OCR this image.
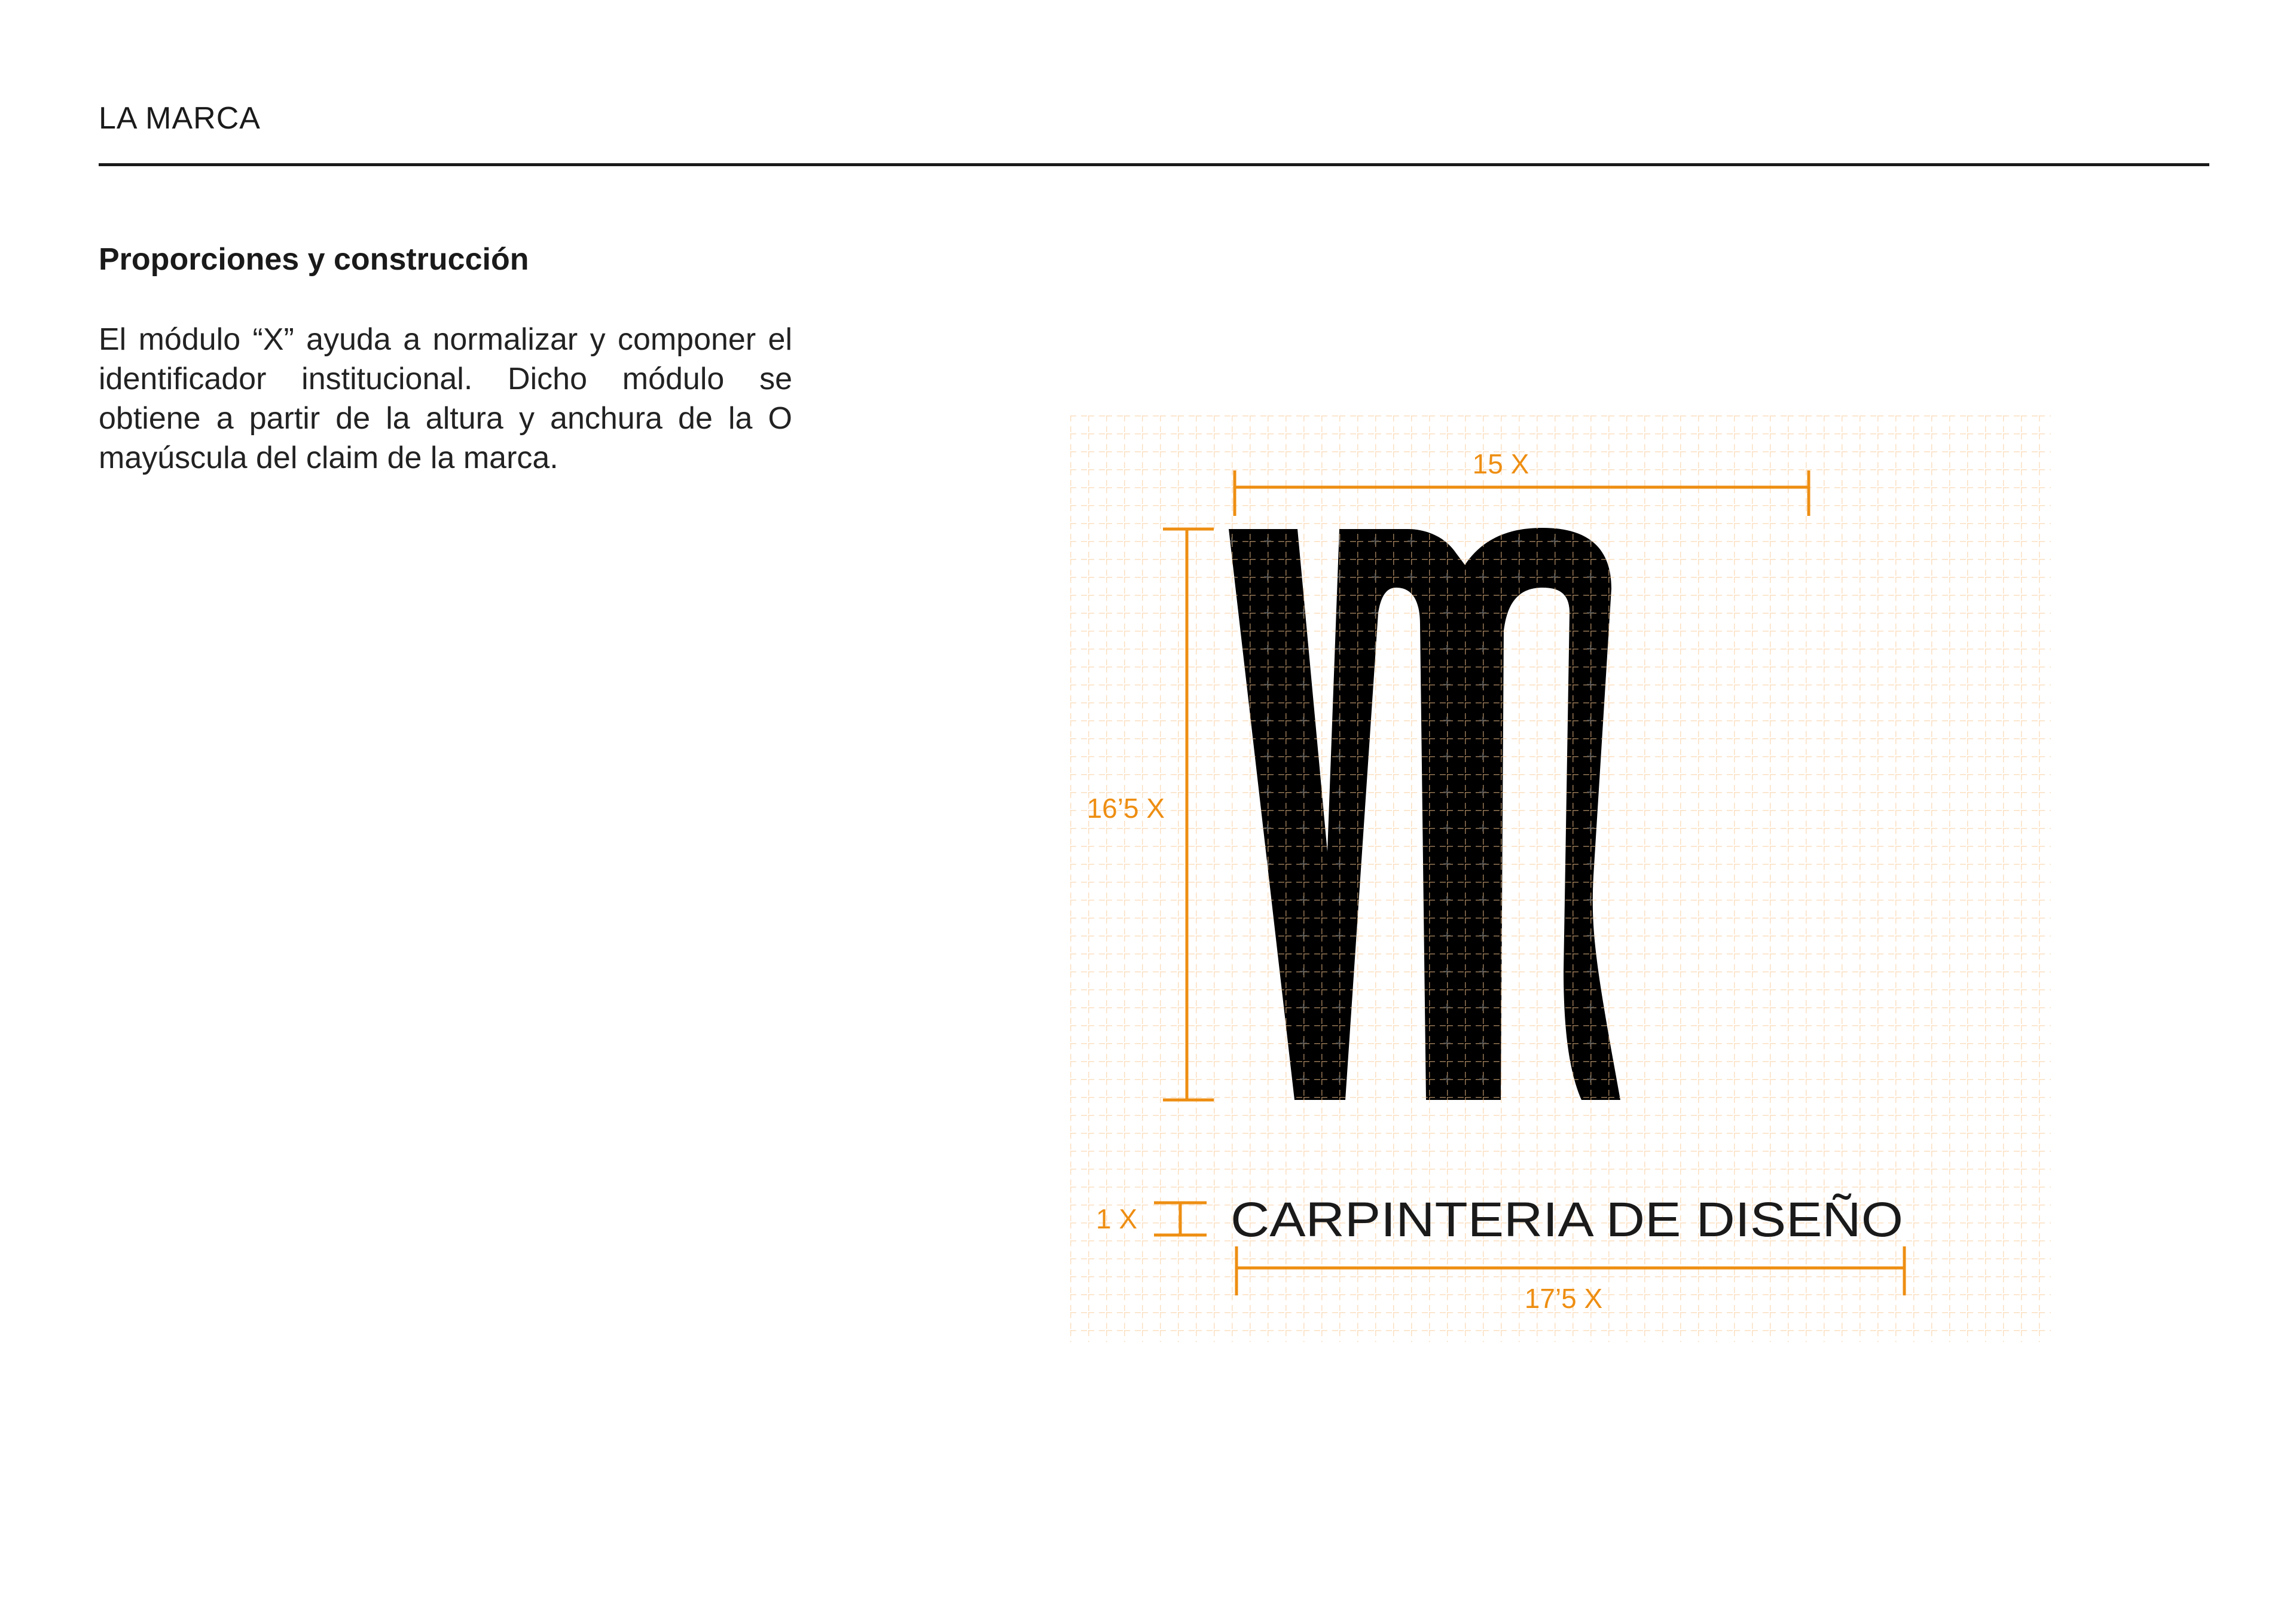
LA MARCA
Proporciones y construcción

El módulo “X” ayuda a normalizar y componer el identificador institucional. Dicho módulo se obtiene a partir de la altura y anchura de la O mayúscula del claim de la marca.	15 X
16’5 X
1 X CARPINTERIA DE DISEÑO
17’5 X
